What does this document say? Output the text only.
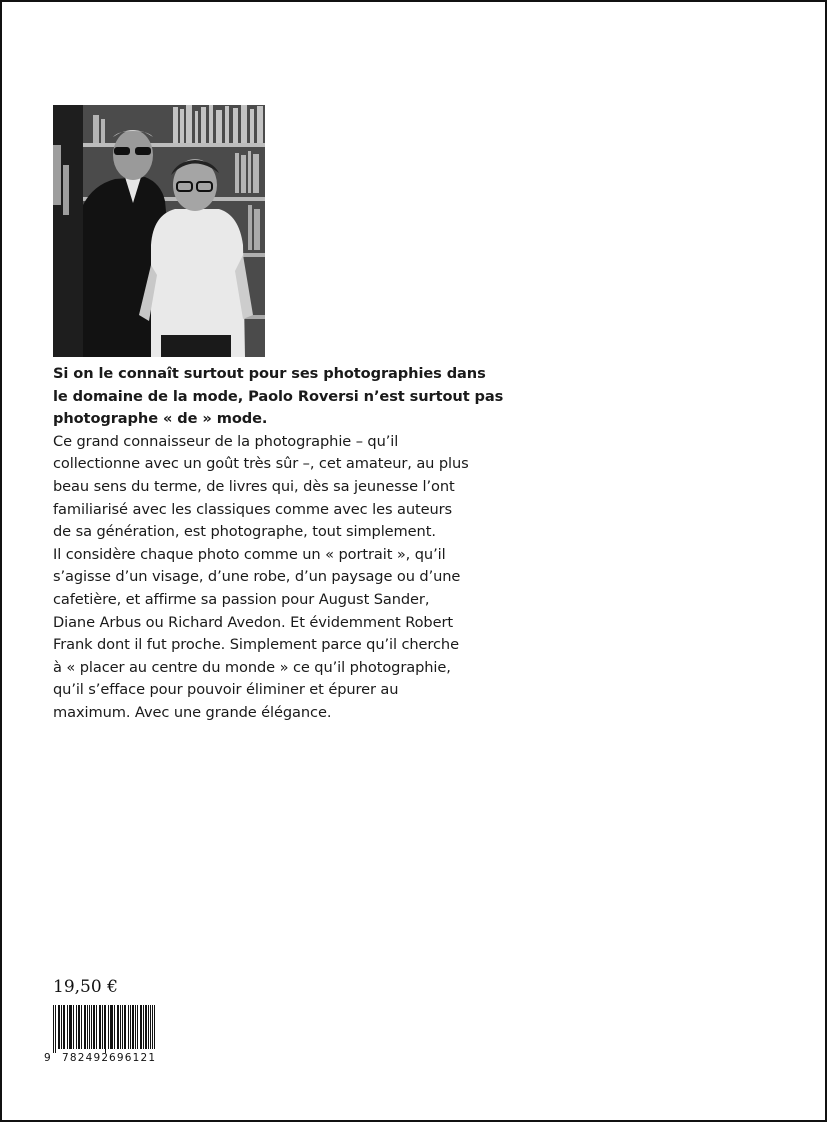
Si on le connaît surtout pour ses photographies dans
le domaine de la mode, Paolo Roversi n’est surtout pas
photographe « de » mode.
Ce grand connaisseur de la photographie – qu’il
collectionne avec un goût très sûr –, cet amateur, au plus
beau sens du terme, de livres qui, dès sa jeunesse l’ont
familiarisé avec les classiques comme avec les auteurs
de sa génération, est photographe, tout simplement.
Il considère chaque photo comme un « portrait », qu’il
s’agisse d’un visage, d’une robe, d’un paysage ou d’une
cafetière, et affirme sa passion pour August Sander,
Diane Arbus ou Richard Avedon. Et évidemment Robert
Frank dont il fut proche. Simplement parce qu’il cherche
à « placer au centre du monde » ce qu’il photographie,
qu’il s’efface pour pouvoir éliminer et épurer au
maximum. Avec une grande élégance.
19,50 €
9 782492 696121
